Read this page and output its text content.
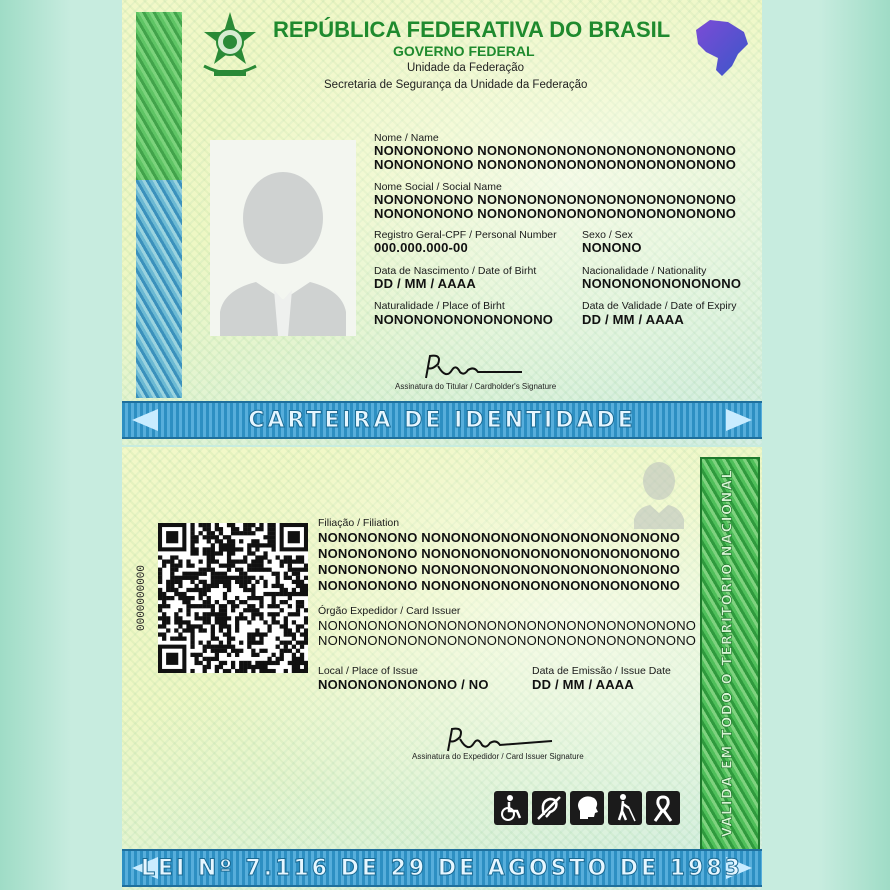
REPÚBLICA FEDERATIVA DO BRASIL
GOVERNO FEDERAL
Unidade da Federação
Secretaria de Segurança da Unidade da Federação
Nome / Name
NONONONONO NONONONONONONONONONONONONO
NONONONONO NONONONONONONONONONONONONO
Nome Social / Social Name
NONONONONO NONONONONONONONONONONONONO
NONONONONO NONONONONONONONONONONONONO
Registro Geral-CPF / Personal Number
000.000.000-00
Sexo / Sex
NONONO
Data de Nascimento / Date of Birht
DD / MM / AAAA
Nacionalidade / Nationality
NONONONONONONONO
Naturalidade / Place of Birht
NONONONONONONONONO
Data de Validade / Date of Expiry
DD / MM / AAAA
Assinatura do Titular / Cardholder's Signature
CARTEIRA DE IDENTIDADE
VÁLIDA EM TODO O TERRITÓRIO NACIONAL
0000000000
Filiação / Filiation
NONONONONO NONONONONONONONONONONONONO
NONONONONO NONONONONONONONONONONONONO
NONONONONO NONONONONONONONONONONONONO
NONONONONO NONONONONONONONONONONONONO
Órgão Expedidor / Card Issuer
NONONONONONONONONONONONONONONONONONONO
NONONONONONONONONONONONONONONONONONONO
Local / Place of Issue
NONONONONONONO / NO
Data de Emissão / Issue Date
DD / MM / AAAA
Assinatura do Expedidor / Card Issuer Signature
LEI Nº 7.116 DE 29 DE AGOSTO DE 1983
